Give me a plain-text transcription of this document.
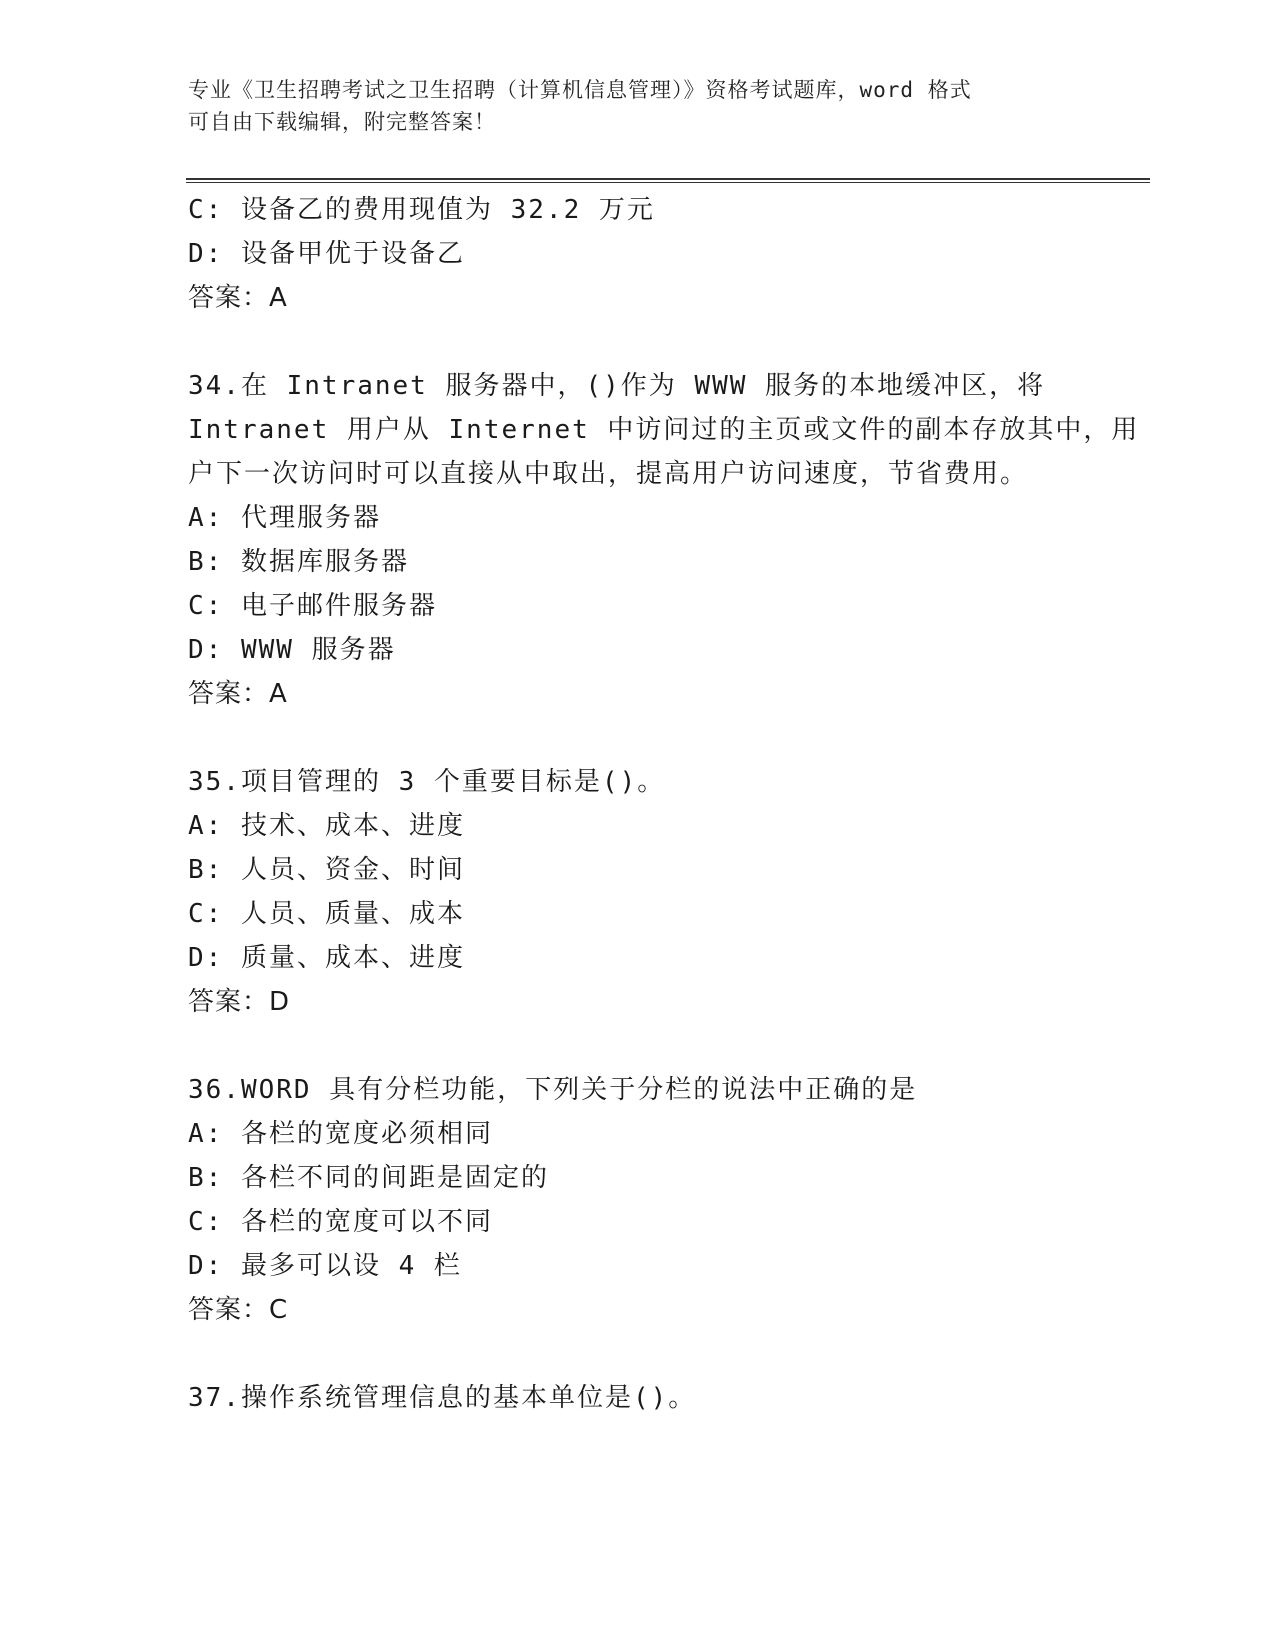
专业《卫生招聘考试之卫生招聘（计算机信息管理）》资格考试题库，word 格式
可自由下载编辑，附完整答案！
C: 设备乙的费用现值为 32.2 万元
D: 设备甲优于设备乙
答案：A
34.在 Intranet 服务器中，()作为 WWW 服务的本地缓冲区，将
Intranet 用户从 Internet 中访问过的主页或文件的副本存放其中，用
户下一次访问时可以直接从中取出，提高用户访问速度，节省费用。
A: 代理服务器
B: 数据库服务器
C: 电子邮件服务器
D: WWW 服务器
答案：A
35.项目管理的 3 个重要目标是()。
A: 技术、成本、进度
B: 人员、资金、时间
C: 人员、质量、成本
D: 质量、成本、进度
答案：D
36.WORD 具有分栏功能，下列关于分栏的说法中正确的是
A: 各栏的宽度必须相同
B: 各栏不同的间距是固定的
C: 各栏的宽度可以不同
D: 最多可以设 4 栏
答案：C
37.操作系统管理信息的基本单位是()。
